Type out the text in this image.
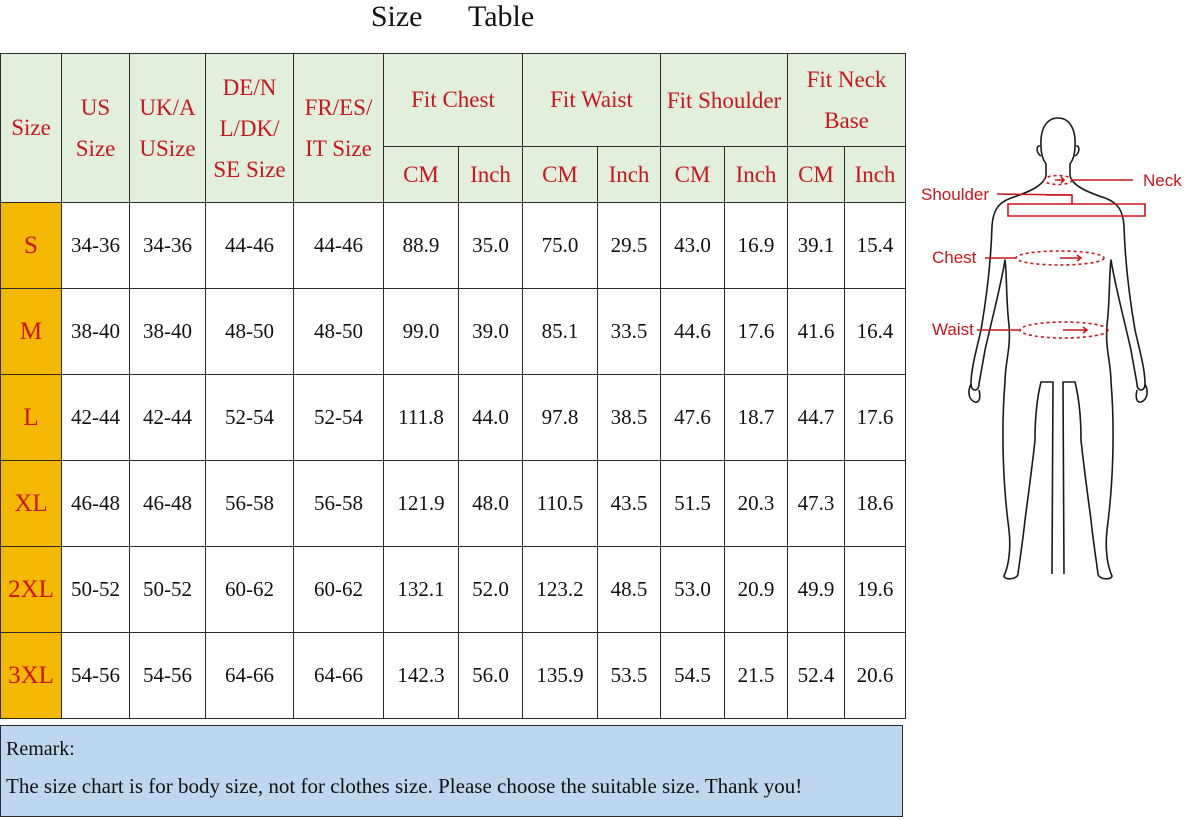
Size Table
Size	US Size	UK/A USize	DE/N L/DK/ SE Size	FR/ES/ IT Size	Fit Chest		Fit Waist		Fit Shoulder		Fit Neck Base	
					CM	Inch	CM	Inch	CM	Inch	CM	Inch
S	34-36	34-36	44-46	44-46	88.9	35.0	75.0	29.5	43.0	16.9	39.1	15.4
M	38-40	38-40	48-50	48-50	99.0	39.0	85.1	33.5	44.6	17.6	41.6	16.4
L	42-44	42-44	52-54	52-54	111.8	44.0	97.8	38.5	47.6	18.7	44.7	17.6
XL	46-48	46-48	56-58	56-58	121.9	48.0	110.5	43.5	51.5	20.3	47.3	18.6
2XL	50-52	50-52	60-62	60-62	132.1	52.0	123.2	48.5	53.0	20.9	49.9	19.6
3XL	54-56	54-56	64-66	64-66	142.3	56.0	135.9	53.5	54.5	21.5	52.4	20.6
Remark:
The size chart is for body size, not for clothes size. Please choose the suitable size. Thank you!
Neck
Shoulder
Chest
Waist
